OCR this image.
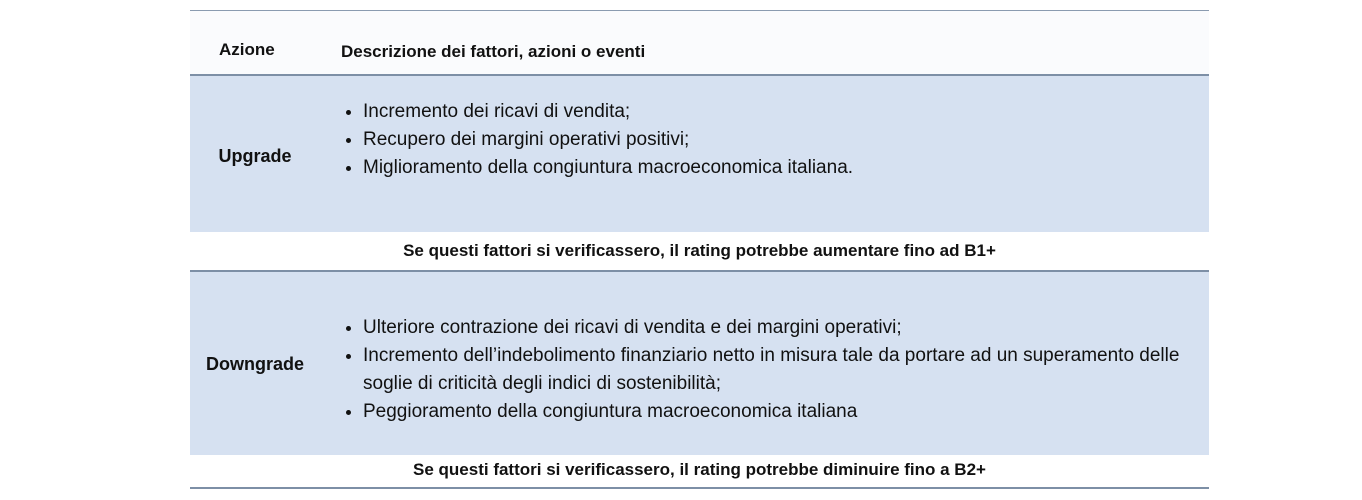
Azione	Descrizione dei fattori, azioni o eventi
Upgrade
• Incremento dei ricavi di vendita;
• Recupero dei margini operativi positivi;
• Miglioramento della congiuntura macroeconomica italiana.
Se questi fattori si verificassero, il rating potrebbe aumentare fino ad B1+
Downgrade
• Ulteriore contrazione dei ricavi di vendita e dei margini operativi;
• Incremento dell’indebolimento finanziario netto in misura tale da portare ad un superamento delle soglie di criticità degli indici di sostenibilità;
• Peggioramento della congiuntura macroeconomica italiana
Se questi fattori si verificassero, il rating potrebbe diminuire fino a B2+
